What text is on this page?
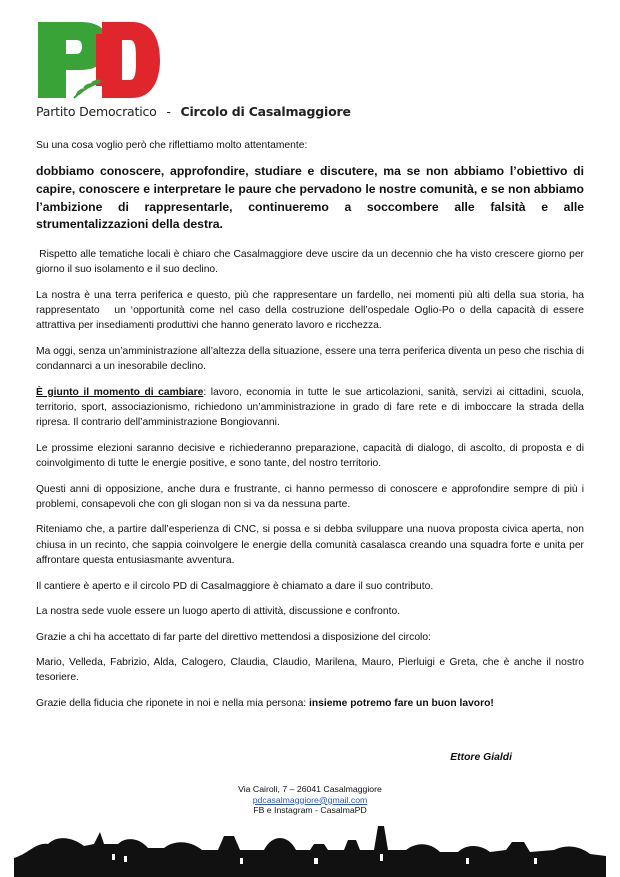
Partito Democratico - Circolo di Casalmaggiore

Su una cosa voglio però che riflettiamo molto attentamente:

dobbiamo conoscere, approfondire, studiare e discutere, ma se non abbiamo l’obiettivo di capire, conoscere e interpretare le paure che pervadono le nostre comunità, e se non abbiamo l’ambizione di rappresentarle, continueremo a soccombere alle falsità e alle strumentalizzazioni della destra.

Rispetto alle tematiche locali è chiaro che Casalmaggiore deve uscire da un decennio che ha visto crescere giorno per giorno il suo isolamento e il suo declino.

La nostra è una terra periferica e questo, più che rappresentare un fardello, nei momenti più alti della sua storia, ha rappresentato   un ‘opportunità come nel caso della costruzione dell’ospedale Oglio-Po o della capacità di essere attrattiva per insediamenti produttivi che hanno generato lavoro e ricchezza.

Ma oggi, senza un’amministrazione all’altezza della situazione, essere una terra periferica diventa un peso che rischia di condannarci a un inesorabile declino.

È giunto il momento di cambiare: lavoro, economia in tutte le sue articolazioni, sanità, servizi ai cittadini, scuola, territorio, sport, associazionismo, richiedono un’amministrazione in grado di fare rete e di imboccare la strada della ripresa. Il contrario dell’amministrazione Bongiovanni.

Le prossime elezioni saranno decisive e richiederanno preparazione, capacità di dialogo, di ascolto, di proposta e di coinvolgimento di tutte le energie positive, e sono tante, del nostro territorio.

Questi anni di opposizione, anche dura e frustrante, ci hanno permesso di conoscere e approfondire sempre di più i problemi, consapevoli che con gli slogan non si va da nessuna parte.

Riteniamo che, a partire dall’esperienza di CNC, si possa e si debba sviluppare una nuova proposta civica aperta, non chiusa in un recinto, che sappia coinvolgere le energie della comunità casalasca creando una squadra forte e unita per affrontare questa entusiasmante avventura.

Il cantiere è aperto e il circolo PD di Casalmaggiore è chiamato a dare il suo contributo.

La nostra sede vuole essere un luogo aperto di attività, discussione e confronto.

Grazie a chi ha accettato di far parte del direttivo mettendosi a disposizione del circolo:

Mario, Velleda, Fabrizio, Alda, Calogero, Claudia, Claudio, Marilena, Mauro, Pierluigi e Greta, che è anche il nostro tesoriere.

Grazie della fiducia che riponete in noi e nella mia persona: insieme potremo fare un buon lavoro!

Ettore Gialdi
Via Cairoli, 7 – 26041 Casalmaggiore
pdcasalmaggiore@gmail.com
FB e Instagram - CasalmaPD
